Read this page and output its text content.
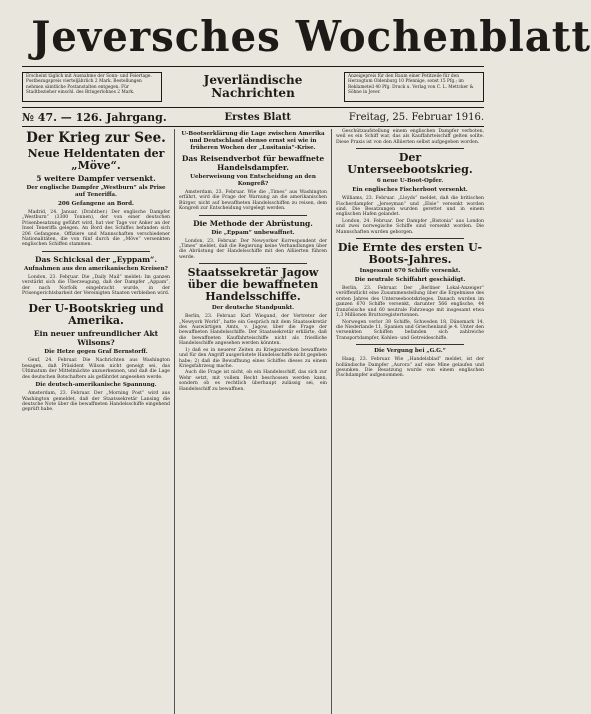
Jeversches Wochenblatt
Erscheint täglich mit Ausnahme der Sonn- und Feiertage. Postbezugspreis vierteljährlich 2 Mark. Bestellungen nehmen sämtliche Postanstalten entgegen. Für Stadtbezieher einschl. des Bringerlohnes 2 Mark.
Jeverländische
Nachrichten
Anzeigepreis für den Raum einer Petitzeile für den Herzogtum Oldenburg 10 Pfennige, sonst 15 Pfg.; im Reklameteil 40 Pfg. Druck u. Verlag von C. L. Mettcker & Söhne in Jever.
№ 47. — 126. Jahrgang.	Erstes Blatt	Freitag, 25. Februar 1916.
Der Krieg zur See.
Neue Heldentaten der „Möve“.
5 weitere Dampfer versenkt.
Der englische Dampfer „Westburn“ als Prise auf Teneriffa.
206 Gefangene an Bord.
Madrid, 24. Januar. (Drahtber.) Der englische Dampfer „Westburn“ (3300 Tonnen), der von einer deutschen Prisenbesatzung geführt wird, hat vier Tage vor Anker an der Insel Teneriffa gelegen. An Bord des Schiffes befanden sich 206 Gefangene, Offiziere und Mannschaften verschiedener Nationalitäten, die von fünf durch die „Möve“ versenkten englischen Schiffen stammen.
Das Schicksal der „Eyppam“.
Aufnahmen aus den amerikanischen Kreisen?
London, 23. Februar. Die „Daily Mail“ meldet: Im ganzen verstärkt sich die Überzeugung, daß der Dampfer „Appam“, der nach Norfolk eingebracht wurde, in der Prisengerichtsbarkeit der Vereinigten Staaten verbleiben wird.
Der U-Bootskrieg und Amerika.
Ein neuer unfreundlicher Akt Wilsons?
Die Hetze gegen Graf Bernstorff.
Genf, 24. Februar. Die Nachrichten aus Washington besagen, daß Präsident Wilson nicht geneigt sei, das Ultimatum der Mittelmächte anzuerkennen, und daß die Lage des deutschen Botschafters als gefährdet angesehen werde.
Die deutsch-amerikanische Spannung.
Amsterdam, 23. Februar. Der „Morning Post“ wird aus Washington gemeldet, daß der Staatssekretär Lansing die deutsche Note über die bewaffneten Handelsschiffe eingehend geprüft habe.
U-Bootserklärung die Lage zwischen Amerika und Deutschland ebenso ernst sei wie in früheren Wochen der „Lusitania“-Krise.
Das Reisendverbot für bewaffnete Handelsdampfer.
Ueberweisung von Entscheidung an den Kongreß?
Amsterdam, 23. Februar. Wie die „Times“ aus Washington erfährt, wird die Frage der Warnung an die amerikanischen Bürger, nicht auf bewaffneten Handelsschiffen zu reisen, dem Kongreß zur Entscheidung vorgelegt werden.
Die Methode der Abrüstung.
Die „Eppam“ unbewaffnet.
London, 23. Februar. Der Newyorker Korrespondent der „Times“ meldet, daß die Regierung keine Verhandlungen über die Abrüstung der Handelsschiffe mit den Alliierten führen werde.
Staatssekretär Jagow über die bewaffneten Handelsschiffe.
Der deutsche Standpunkt.
Berlin, 23. Februar. Karl Wiegand, der Vertreter der „Newyork World“, hatte ein Gespräch mit dem Staatssekretär des Auswärtigen Amts, v. Jagow, über die Frage der bewaffneten Handelsschiffe. Der Staatssekretär erklärte, daß die bewaffneten Kauffahrteischiffe nicht als friedliche Handelsschiffe angesehen werden könnten.
1) daß es in neuerer Zeiten zu Kriegszwecken bewaffnete und für den Angriff ausgerüstete Handelsschiffe nicht gegeben habe; 2) daß die Bewaffnung eines Schiffes dieses zu einem Kriegsfahrzeug mache.
Auch die Frage ist nicht, ob ein Handelsschiff, das sich zur Wehr setzt, mit vollem Recht beschossen werden kann, sondern ob es rechtlich überhaupt zulässig sei, ein Handelsschiff zu bewaffnen.
Geschützaufstellung einem englischen Dampfer verboten, weil es ein Schiff war, das als Kauffahrteischiff gelten sollte. Diese Praxis ist von den Alliierten selbst aufgegeben worden.
Der Unterseebootskrieg.
6 neue U-Boot-Opfer.
Ein englisches Fischerboot versenkt.
Williams, 23. Februar. „Lloyds“ meldet, daß die britischen Fischerdampfer „Jerseyman“ und „Elsie“ versenkt worden sind. Die Besatzungen wurden gerettet und in einem englischen Hafen gelandet.
London, 24. Februar. Der Dampfer „Bistonia“ aus London und zwei norwegische Schiffe sind versenkt worden. Die Mannschaften wurden geborgen.
Die Ernte des ersten U-Boots-Jahres.
Insgesamt 670 Schiffe versenkt.
Die neutrale Schiffahrt geschädigt.
Berlin, 23. Februar. Der „Berliner Lokal-Anzeiger“ veröffentlicht eine Zusammenstellung über die Ergebnisse des ersten Jahres des Unterseebootskrieges. Danach wurden im ganzen 670 Schiffe versenkt, darunter 566 englische, 44 französische und 60 neutrale Fahrzeuge mit insgesamt etwa 1,3 Millionen Bruttoregistertonnen.
Norwegen verlor 38 Schiffe, Schweden 18, Dänemark 14, die Niederlande 11, Spanien und Griechenland je 4. Unter den versenkten Schiffen befanden sich zahlreiche Transportdampfer, Kohlen- und Getreideschiffe.
Die Vergung bei „G.G.“
Haag, 23. Februar. Wie „Handelsblad“ meldet, ist der holländische Dampfer „Aurora“ auf eine Mine gelaufen und gesunken. Die Besatzung wurde von einem englischen Fischdampfer aufgenommen.
